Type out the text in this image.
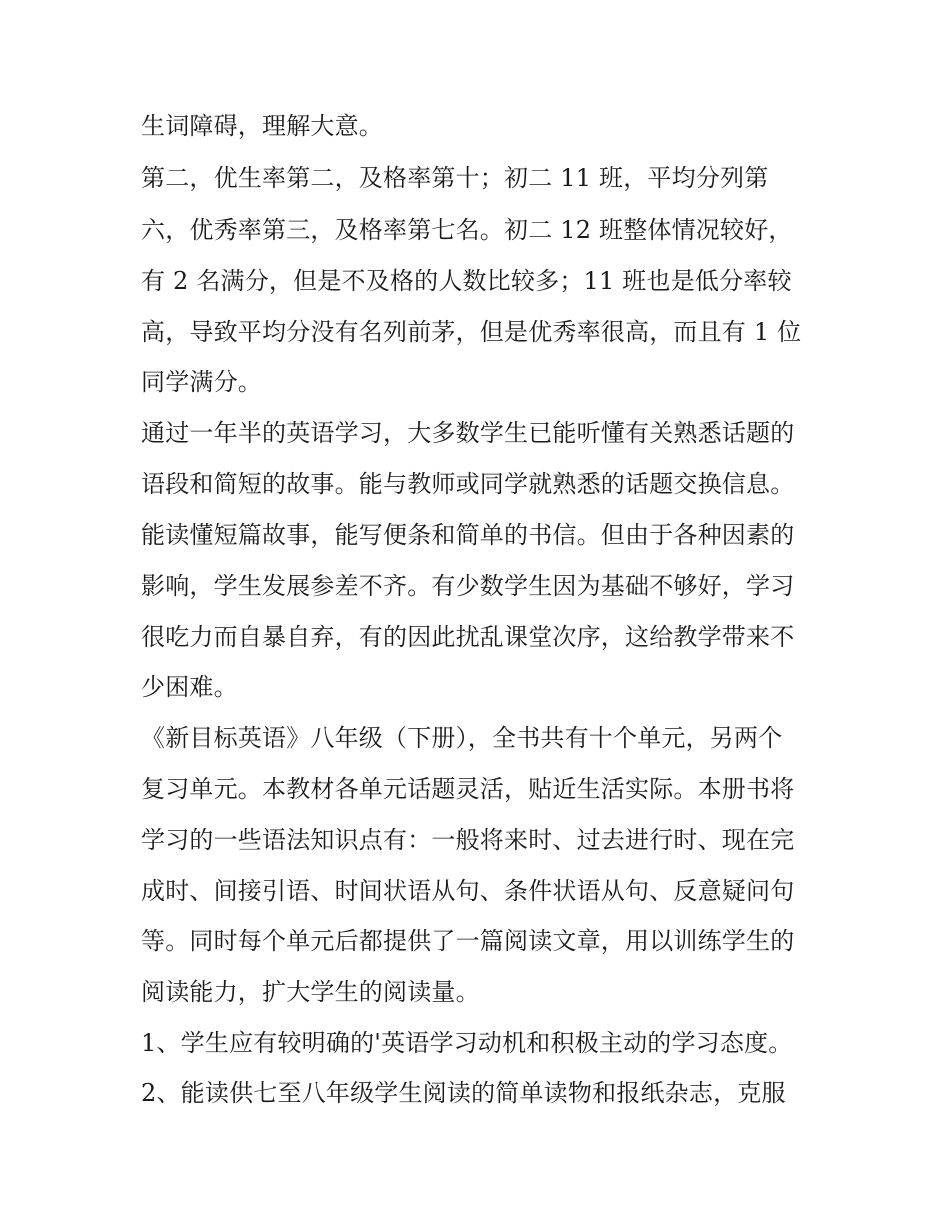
生词障碍，理解大意。
第二，优生率第二，及格率第十；初二 11 班，平均分列第
六，优秀率第三，及格率第七名。初二 12 班整体情况较好，
有 2 名满分，但是不及格的人数比较多；11 班也是低分率较
高，导致平均分没有名列前茅，但是优秀率很高，而且有 1 位
同学满分。
通过一年半的英语学习，大多数学生已能听懂有关熟悉话题的
语段和简短的故事。能与教师或同学就熟悉的话题交换信息。
能读懂短篇故事，能写便条和简单的书信。但由于各种因素的
影响，学生发展参差不齐。有少数学生因为基础不够好，学习
很吃力而自暴自弃，有的因此扰乱课堂次序，这给教学带来不
少困难。
《新目标英语》八年级（下册），全书共有十个单元，另两个
复习单元。本教材各单元话题灵活，贴近生活实际。本册书将
学习的一些语法知识点有：一般将来时、过去进行时、现在完
成时、间接引语、时间状语从句、条件状语从句、反意疑问句
等。同时每个单元后都提供了一篇阅读文章，用以训练学生的
阅读能力，扩大学生的阅读量。
1、学生应有较明确的'英语学习动机和积极主动的学习态度。
2、能读供七至八年级学生阅读的简单读物和报纸杂志，克服
